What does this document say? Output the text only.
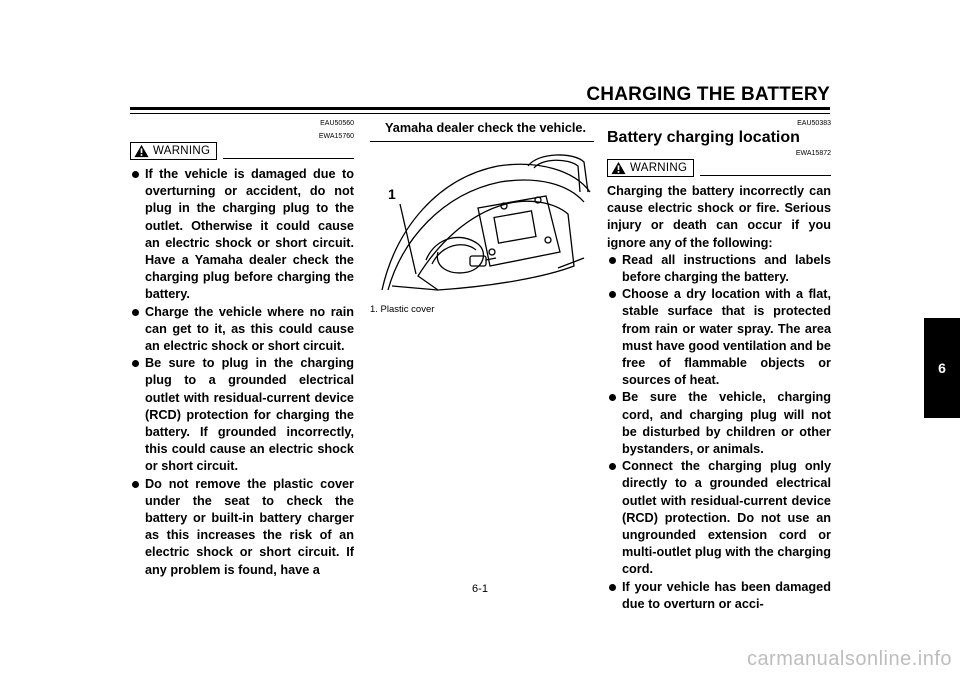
CHARGING THE BATTERY
6
EAU50560
EWA15760
WARNING
If the vehicle is damaged due to overturning or accident, do not plug in the charging plug to the outlet. Otherwise it could cause an electric shock or short circuit. Have a Yamaha dealer check the charging plug before charging the battery.
Charge the vehicle where no rain can get to it, as this could cause an electric shock or short circuit.
Be sure to plug in the charging plug to a grounded electrical outlet with residual-current device (RCD) protection for charging the battery. If grounded incorrectly, this could cause an electric shock or short circuit.
Do not remove the plastic cover under the seat to check the battery or built-in battery charger as this increases the risk of an electric shock or short circuit. If any problem is found, have a
Yamaha dealer check the vehicle.
1
1. Plastic cover
EAU50383
Battery charging location
EWA15872
WARNING
Charging the battery incorrectly can cause electric shock or fire. Serious injury or death can occur if you ignore any of the following:
Read all instructions and labels before charging the battery.
Choose a dry location with a flat, stable surface that is protected from rain or water spray. The area must have good ventilation and be free of flammable objects or sources of heat.
Be sure the vehicle, charging cord, and charging plug will not be disturbed by children or other bystanders, or animals.
Connect the charging plug only directly to a grounded electrical outlet with residual-current device (RCD) protection. Do not use an ungrounded extension cord or multi-outlet plug with the charging cord.
If your vehicle has been damaged due to overturn or acci-
6-1
carmanualsonline.info
